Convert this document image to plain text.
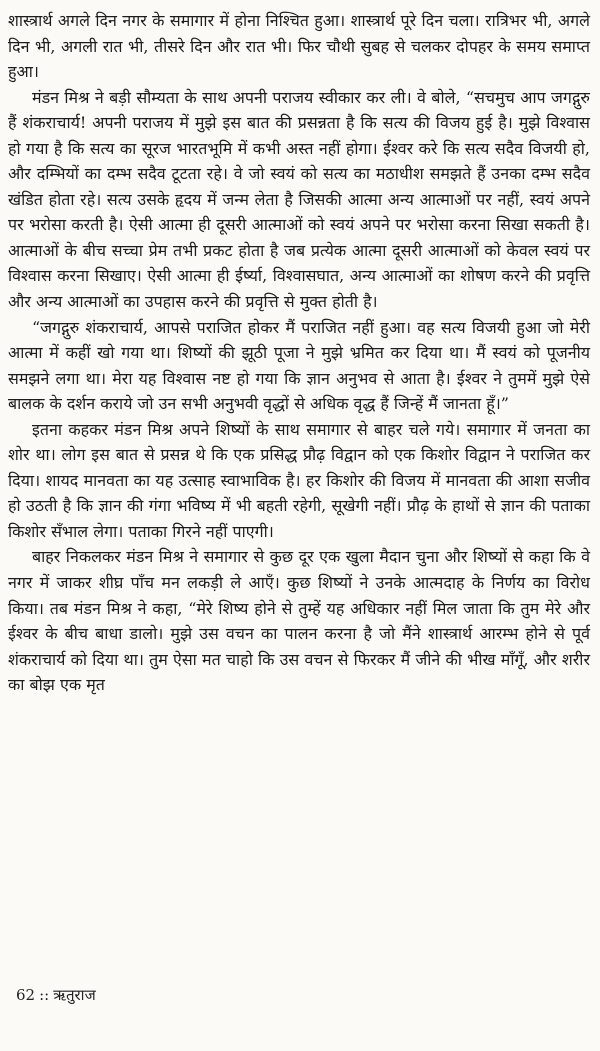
शास्त्रार्थ अगले दिन नगर के समागार में होना निश्चित हुआ। शास्त्रार्थ पूरे दिन चला। रात्रिभर भी, अगले दिन भी, अगली रात भी, तीसरे दिन और रात भी। फिर चौथी सुबह से चलकर दोपहर के समय समाप्त हुआ।

मंडन मिश्र ने बड़ी सौम्यता के साथ अपनी पराजय स्वीकार कर ली। वे बोले, “सचमुच आप जगद्गुरु हैं शंकराचार्य! अपनी पराजय में मुझे इस बात की प्रसन्नता है कि सत्य की विजय हुई है। मुझे विश्वास हो गया है कि सत्य का सूरज भारतभूमि में कभी अस्त नहीं होगा। ईश्वर करे कि सत्य सदैव विजयी हो, और दम्भियों का दम्भ सदैव टूटता रहे। वे जो स्वयं को सत्य का मठाधीश समझते हैं उनका दम्भ सदैव खंडित होता रहे। सत्य उसके हृदय में जन्म लेता है जिसकी आत्मा अन्य आत्माओं पर नहीं, स्वयं अपने पर भरोसा करती है। ऐसी आत्मा ही दूसरी आत्माओं को स्वयं अपने पर भरोसा करना सिखा सकती है। आत्माओं के बीच सच्चा प्रेम तभी प्रकट होता है जब प्रत्येक आत्मा दूसरी आत्माओं को केवल स्वयं पर विश्वास करना सिखाए। ऐसी आत्मा ही ईर्ष्या, विश्वासघात, अन्य आत्माओं का शोषण करने की प्रवृत्ति और अन्य आत्माओं का उपहास करने की प्रवृत्ति से मुक्त होती है।

“जगद्गुरु शंकराचार्य, आपसे पराजित होकर मैं पराजित नहीं हुआ। वह सत्य विजयी हुआ जो मेरी आत्मा में कहीं खो गया था। शिष्यों की झूठी पूजा ने मुझे भ्रमित कर दिया था। मैं स्वयं को पूजनीय समझने लगा था। मेरा यह विश्वास नष्ट हो गया कि ज्ञान अनुभव से आता है। ईश्वर ने तुममें मुझे ऐसे बालक के दर्शन कराये जो उन सभी अनुभवी वृद्धों से अधिक वृद्ध हैं जिन्हें मैं जानता हूँ।”

इतना कहकर मंडन मिश्र अपने शिष्यों के साथ समागार से बाहर चले गये। समागार में जनता का शोर था। लोग इस बात से प्रसन्न थे कि एक प्रसिद्ध प्रौढ़ विद्वान को एक किशोर विद्वान ने पराजित कर दिया। शायद मानवता का यह उत्साह स्वाभाविक है। हर किशोर की विजय में मानवता की आशा सजीव हो उठती है कि ज्ञान की गंगा भविष्य में भी बहती रहेगी, सूखेगी नहीं। प्रौढ़ के हाथों से ज्ञान की पताका किशोर सँभाल लेगा। पताका गिरने नहीं पाएगी।

बाहर निकलकर मंडन मिश्र ने समागार से कुछ दूर एक खुला मैदान चुना और शिष्यों से कहा कि वे नगर में जाकर शीघ्र पाँच मन लकड़ी ले आएँ। कुछ शिष्यों ने उनके आत्मदाह के निर्णय का विरोध किया। तब मंडन मिश्र ने कहा, “मेरे शिष्य होने से तुम्हें यह अधिकार नहीं मिल जाता कि तुम मेरे और ईश्वर के बीच बाधा डालो। मुझे उस वचन का पालन करना है जो मैंने शास्त्रार्थ आरम्भ होने से पूर्व शंकराचार्य को दिया था। तुम ऐसा मत चाहो कि उस वचन से फिरकर मैं जीने की भीख माँगूँ, और शरीर का बोझ एक मृत

62 :: ऋतुराज
